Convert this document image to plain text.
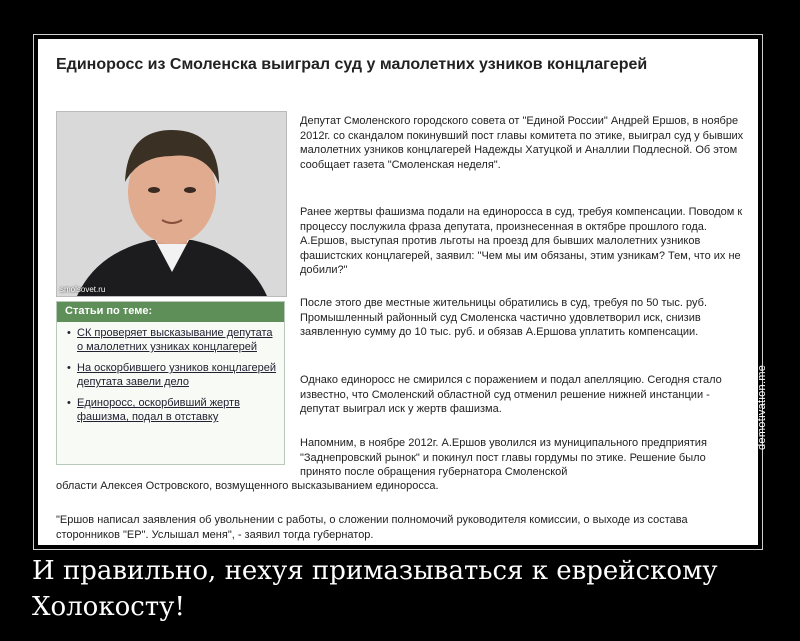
Единоросс из Смоленска выиграл суд у малолетних узников концлагерей
smolsovet.ru
Статьи по теме:
• СК проверяет высказывание депутата о малолетних узниках концлагерей
• На оскорбившего узников концлагерей депутата завели дело
• Единоросс, оскорбивший жертв фашизма, подал в отставку
Депутат Смоленского городского совета от "Единой России" Андрей Ершов, в ноябре 2012г. со скандалом покинувший пост главы комитета по этике, выиграл суд у бывших малолетних узников концлагерей Надежды Хатуцкой и Аналлии Подлесной. Об этом сообщает газета "Смоленская неделя".
Ранее жертвы фашизма подали на единоросса в суд, требуя компенсации. Поводом к процессу послужила фраза депутата, произнесенная в октябре прошлого года. А.Ершов, выступая против льготы на проезд для бывших малолетних узников фашистских концлагерей, заявил: "Чем мы им обязаны, этим узникам? Тем, что их не добили?"
После этого две местные жительницы обратились в суд, требуя по 50 тыс. руб. Промышленный районный суд Смоленска частично удовлетворил иск, снизив заявленную сумму до 10 тыс. руб. и обязав А.Ершова уплатить компенсации.
Однако единоросс не смирился с поражением и подал апелляцию. Сегодня стало известно, что Смоленский областной суд отменил решение нижней инстанции - депутат выиграл иск у жертв фашизма.
Напомним, в ноябре 2012г. А.Ершов уволился из муниципального предприятия "Заднепровский рынок" и покинул пост главы горд​умы по этике. Решение было принято после обращения губернатора Смоленской
области Алексея Островского, возмущенного высказыванием единоросса.
"Ершов написал заявления об увольнении с работы, о сложении полномочий руководителя комиссии, о выходе из состава сторонников "ЕР". Услышал меня", - заявил тогда губернатор.
demotivation.me
И правильно, нехуя примазываться к еврейскому Холокосту!
